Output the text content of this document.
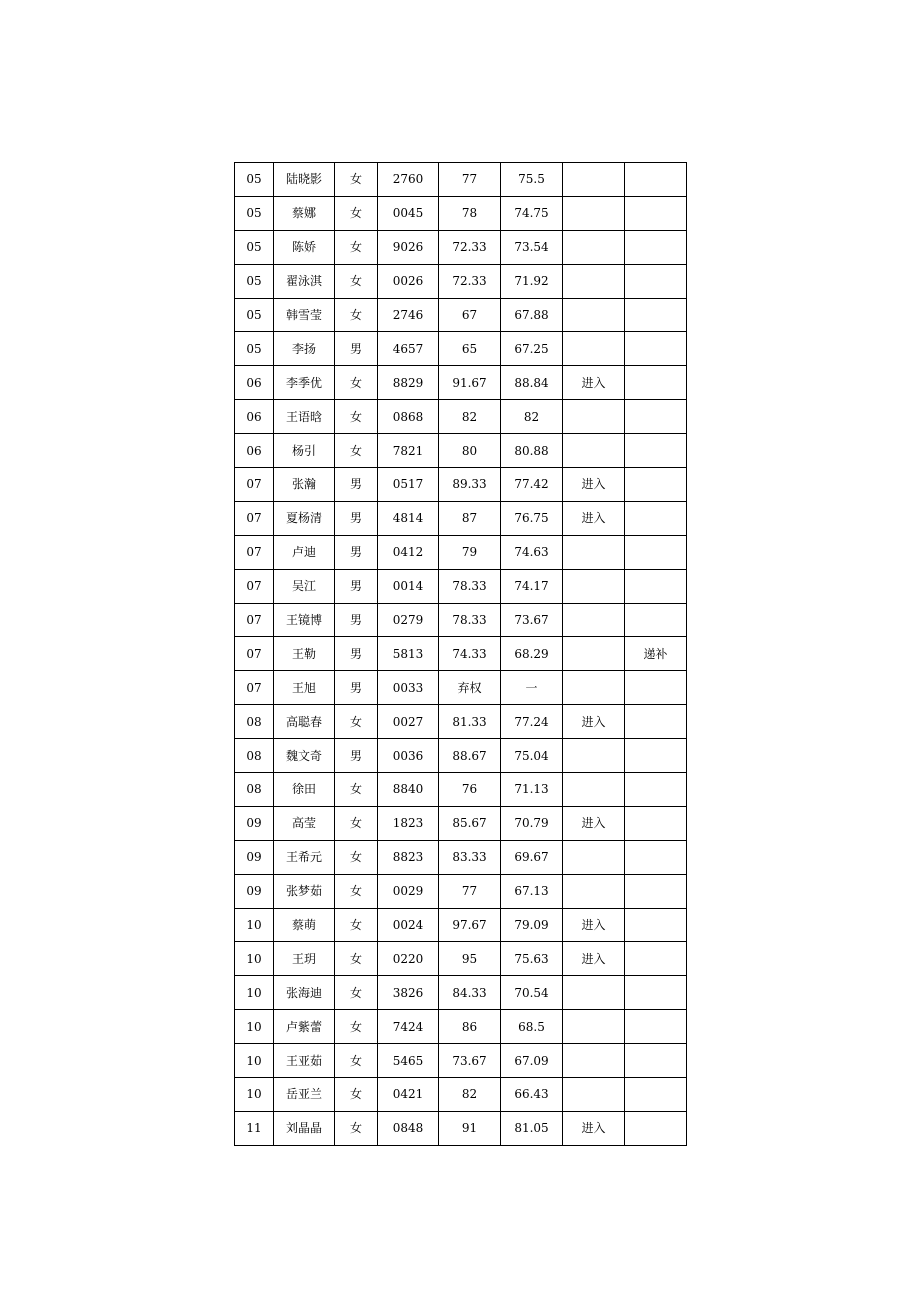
05	陆晓影	女	2760	77	75.5		
05	蔡娜	女	0045	78	74.75		
05	陈娇	女	9026	72.33	73.54		
05	翟泳淇	女	0026	72.33	71.92		
05	韩雪莹	女	2746	67	67.88		
05	李扬	男	4657	65	67.25		
06	李季优	女	8829	91.67	88.84	进入	
06	王语晗	女	0868	82	82		
06	杨引	女	7821	80	80.88		
07	张瀚	男	0517	89.33	77.42	进入	
07	夏杨清	男	4814	87	76.75	进入	
07	卢迪	男	0412	79	74.63		
07	吴江	男	0014	78.33	74.17		
07	王镜博	男	0279	78.33	73.67		
07	王勒	男	5813	74.33	68.29		递补
07	王旭	男	0033	弃权	一		
08	高聪春	女	0027	81.33	77.24	进入	
08	魏文奇	男	0036	88.67	75.04		
08	徐田	女	8840	76	71.13		
09	高莹	女	1823	85.67	70.79	进入	
09	王希元	女	8823	83.33	69.67		
09	张梦茹	女	0029	77	67.13		
10	蔡萌	女	0024	97.67	79.09	进入	
10	王玥	女	0220	95	75.63	进入	
10	张海迪	女	3826	84.33	70.54		
10	卢紫蕾	女	7424	86	68.5		
10	王亚茹	女	5465	73.67	67.09		
10	岳亚兰	女	0421	82	66.43		
11	刘晶晶	女	0848	91	81.05	进入	
